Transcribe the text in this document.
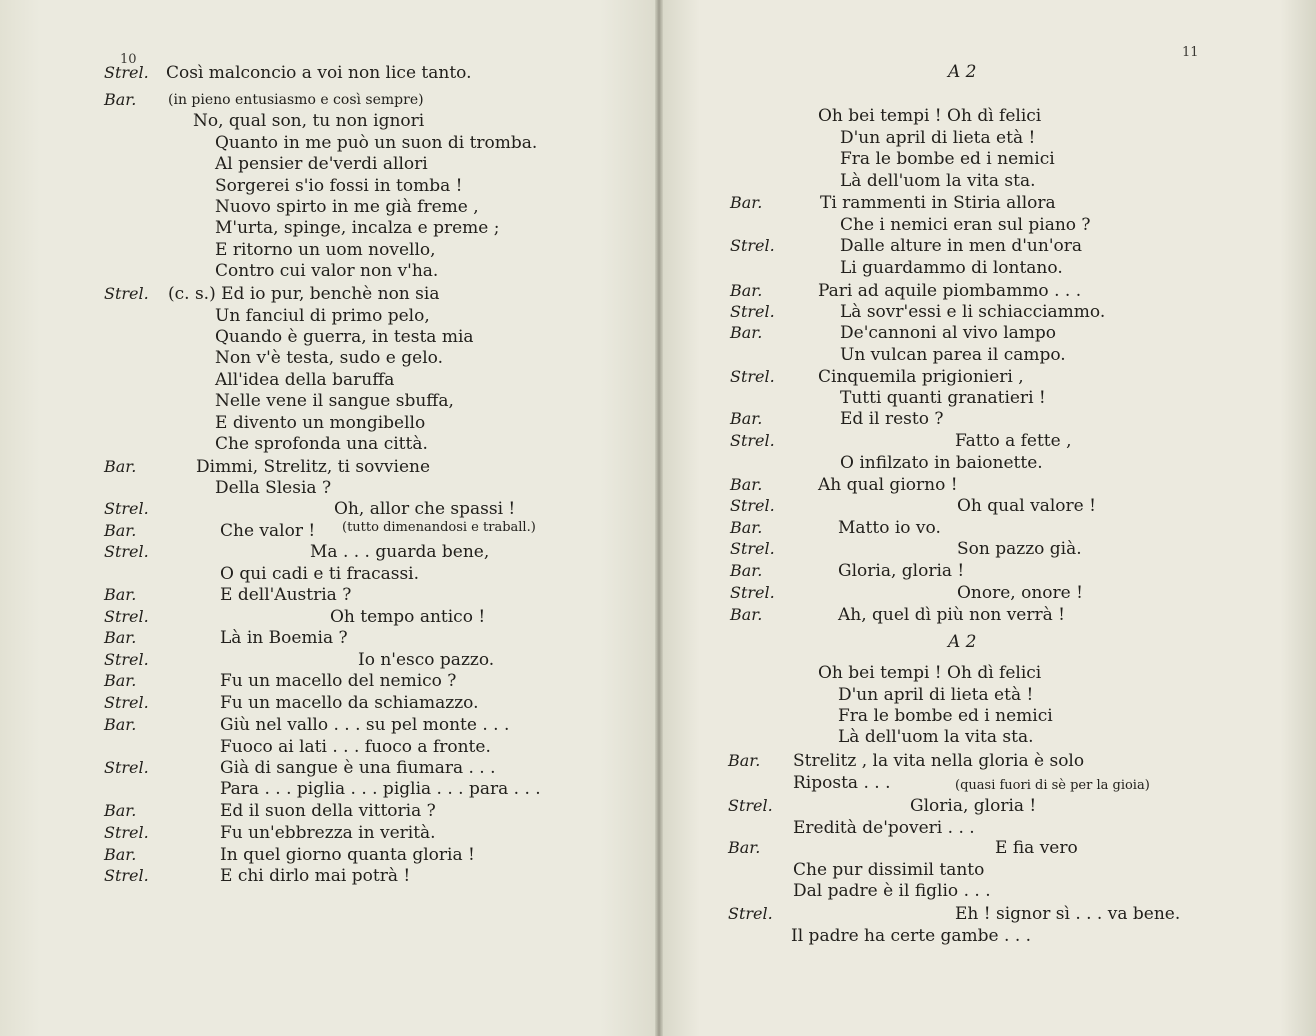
10	11
Strel. Così malconcio a voi non lice tanto.
Bar. (in pieno entusiasmo e così sempre)
No, qual son, tu non ignori
Quanto in me può un suon di tromba.
Al pensier de'verdi allori
Sorgerei s'io fossi in tomba !
Nuovo spirto in me già freme ,
M'urta, spinge, incalza e preme ;
E ritorno un uom novello,
Contro cui valor non v'ha.
Strel. (c. s.) Ed io pur, benchè non sia
Un fanciul di primo pelo,
Quando è guerra, in testa mia
Non v'è testa, sudo e gelo.
All'idea della baruffa
Nelle vene il sangue sbuffa,
E divento un mongibello
Che sprofonda una città.
Bar.	Dimmi, Strelitz, ti sovviene
Della Slesia ?
Strel.	Oh, allor che spassi !
Bar.	Che valor !
Strel.	Ma . . . guarda bene,
O qui cadi e ti fracassi.
Bar.	E dell'Austria ?
Strel.	Oh tempo antico !
Bar.	Là in Boemia ?
Strel.	Io n'esco pazzo.
Bar.	Fu un macello del nemico ?
Strel.	Fu un macello da schiamazzo.
Bar.	Giù nel vallo . . . su pel monte . . .
Fuoco ai lati . . . fuoco a fronte.
Strel.	Già di sangue è una fiumara . . .
Para . . . piglia . . . piglia . . . para . . .
Bar.	Ed il suon della vittoria ?
Strel.	Fu un'ebbrezza in verità.
Bar.	In quel giorno quanta gloria !
Strel.	E chi dirlo mai potrà !
Oh bei tempi ! Oh dì felici
D'un april di lieta età !
Fra le bombe ed i nemici
Là dell'uom la vita sta.
Bar.	Ti rammenti in Stiria allora
Che i nemici eran sul piano ?
Strel.	Dalle alture in men d'un'ora
Li guardammo di lontano.
Bar.	Pari ad aquile piombammo . . .
Strel.	Là sovr'essi e li schiacciammo.
Bar.	De'cannoni al vivo lampo
Un vulcan parea il campo.
Strel.	Cinquemila prigionieri ,
Tutti quanti granatieri !
Bar.	Ed il resto ?
Strel.	Fatto a fette ,
O infilzato in baionette.
Bar.	Ah qual giorno !
Strel.	Oh qual valore !
Bar.	Matto io vo.
Strel.	Son pazzo già.
Bar.	Gloria, gloria !
Strel.	Onore, onore !
Bar.	Ah, quel dì più non verrà !
A 2
A 2
(tutto dimenandosi e traball.)
(quasi fuori di sè per la gioia)
Oh bei tempi ! Oh dì felici
D'un april di lieta età !
Fra le bombe ed i nemici
Là dell'uom la vita sta.
Bar. Strelitz , la vita nella gloria è solo
Riposta . . .
Strel.	Gloria, gloria !
Eredità de'poveri . . .
Bar.	E fia vero
Che pur dissimil tanto
Dal padre è il figlio . . .
Strel.	Eh ! signor sì . . . va bene.
Il padre ha certe gambe . . .
